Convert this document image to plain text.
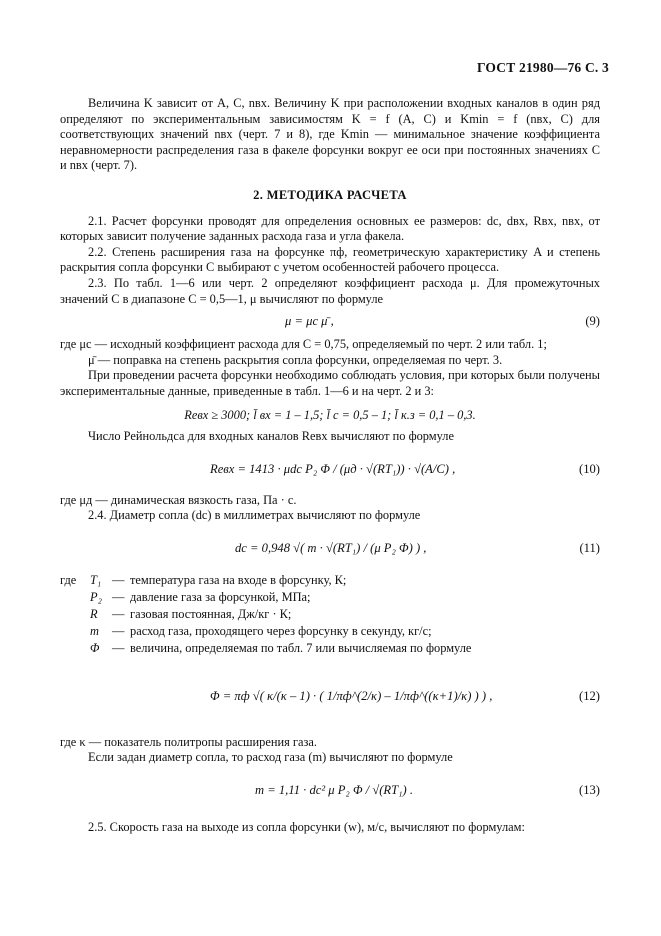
ГОСТ 21980—76 С. 3

Величина K зависит от A, C, nвх. Величину K при расположении входных каналов в один ряд определяют по экспериментальным зависимостям K = f (A, C) и Kmin = f (nвх, C) для соответствующих значений nвх (черт. 7 и 8), где Kmin — минимальное значение коэффициента неравномерности распределения газа в факеле форсунки вокруг ее оси при постоянных значениях C и nвх (черт. 7).

2. МЕТОДИКА РАСЧЕТА

2.1. Расчет форсунки проводят для определения основных ее размеров: dс, dвх, Rвх, nвх, от которых зависит получение заданных расхода газа и угла факела.

2.2. Степень расширения газа на форсунке πф, геометрическую характеристику A и степень раскрытия сопла форсунки C выбирают с учетом особенностей рабочего процесса.

2.3. По табл. 1—6 или черт. 2 определяют коэффициент расхода μ. Для промежуточных значений C в диапазоне C = 0,5—1, μ вычисляют по формуле

μ = μс μ̄ ,	(9)

где μс — исходный коэффициент расхода для C = 0,75, определяемый по черт. 2 или табл. 1;

μ̄ — поправка на степень раскрытия сопла форсунки, определяемая по черт. 3.

При проведении расчета форсунки необходимо соблюдать условия, при которых были получены экспериментальные данные, приведенные в табл. 1—6 и на черт. 2 и 3:

Reвх ≥ 3000; l̄ вх = 1 – 1,5; l̄ с = 0,5 – 1; l̄ к.з = 0,1 – 0,3.

Число Рейнольдса для входных каналов Reвх вычисляют по формуле

Reвх = 1413 · μdс P₂ Φ / (μд · √(RT₁)) · √(A/C) ,	(10)

где μд — динамическая вязкость газа, Па · с.

2.4. Диаметр сопла (dс) в миллиметрах вычисляют по формуле

dс = 0,948 √( m · √(RT₁) / (μ P₂ Φ) ) ,	(11)
где	T₁ — температура газа на входе в форсунку, К;
P₂ — давление газа за форсункой, МПа;
R	— газовая постоянная, Дж/кг · К;
m	— расход газа, проходящего через форсунку в секунду, кг/с;
Φ	— величина, определяемая по табл. 7 или вычисляемая по формуле
Φ = πф √( κ/(κ – 1) · ( 1/πф^(2/κ) – 1/πф^((κ+1)/κ) ) ) ,	(12)

где κ — показатель политропы расширения газа.

Если задан диаметр сопла, то расход газа (m) вычисляют по формуле

m = 1,11 · dс² μ P₂ Φ / √(RT₁) .	(13)

2.5. Скорость газа на выходе из сопла форсунки (w), м/с, вычисляют по формулам:
